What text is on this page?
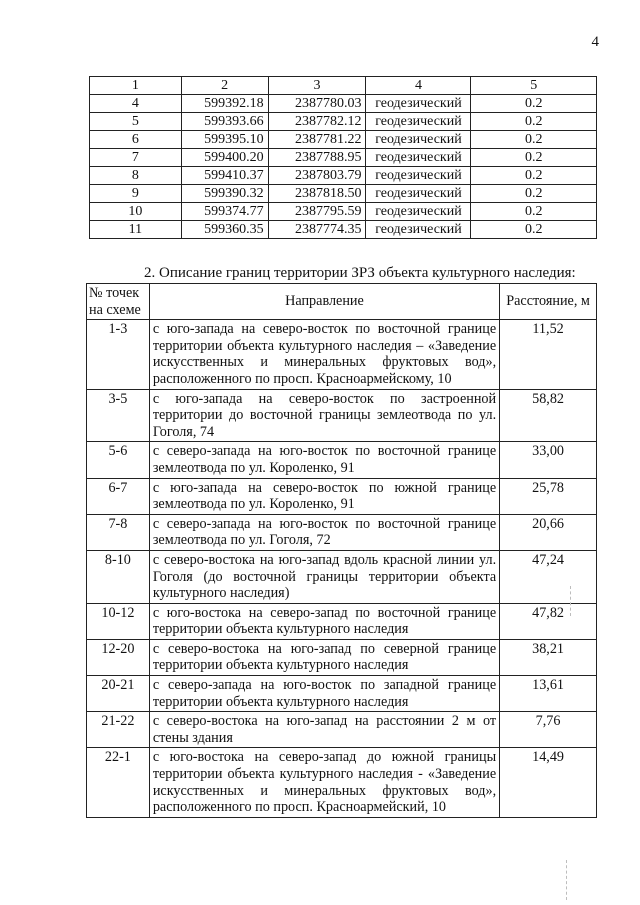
4
1	2	3	4	5
4	599392.18	2387780.03	геодезический	0.2
5	599393.66	2387782.12	геодезический	0.2
6	599395.10	2387781.22	геодезический	0.2
7	599400.20	2387788.95	геодезический	0.2
8	599410.37	2387803.79	геодезический	0.2
9	599390.32	2387818.50	геодезический	0.2
10	599374.77	2387795.59	геодезический	0.2
11	599360.35	2387774.35	геодезический	0.2
2. Описание границ территории ЗРЗ объекта культурного наследия:
№ точек на схеме	Направление	Расстояние, м
1-3	с юго-запада на северо-восток по восточной границе территории объекта культурного наследия – «Заведение искусственных и минеральных фруктовых вод», расположенного по просп. Красноармейскому, 10	11,52
3-5	с юго-запада на северо-восток по застроенной территории до восточной границы землеотвода по ул. Гоголя, 74	58,82
5-6	с северо-запада на юго-восток по восточной границе землеотвода по ул. Короленко, 91	33,00
6-7	с юго-запада на северо-восток по южной границе землеотвода по ул. Короленко, 91	25,78
7-8	с северо-запада на юго-восток по восточной границе землеотвода по ул. Гоголя, 72	20,66
8-10	с северо-востока на юго-запад вдоль красной линии ул. Гоголя (до восточной границы территории объекта культурного наследия)	47,24
10-12	с юго-востока на северо-запад по восточной границе территории объекта культурного наследия	47,82
12-20	с северо-востока на юго-запад по северной границе территории объекта культурного наследия	38,21
20-21	с северо-запада на юго-восток по западной границе территории объекта культурного наследия	13,61
21-22	с северо-востока на юго-запад на расстоянии 2 м от стены здания	7,76
22-1	с юго-востока на северо-запад до южной границы территории объекта культурного наследия - «Заведение искусственных и минеральных фруктовых вод», расположенного по просп. Красноармейский, 10	14,49
